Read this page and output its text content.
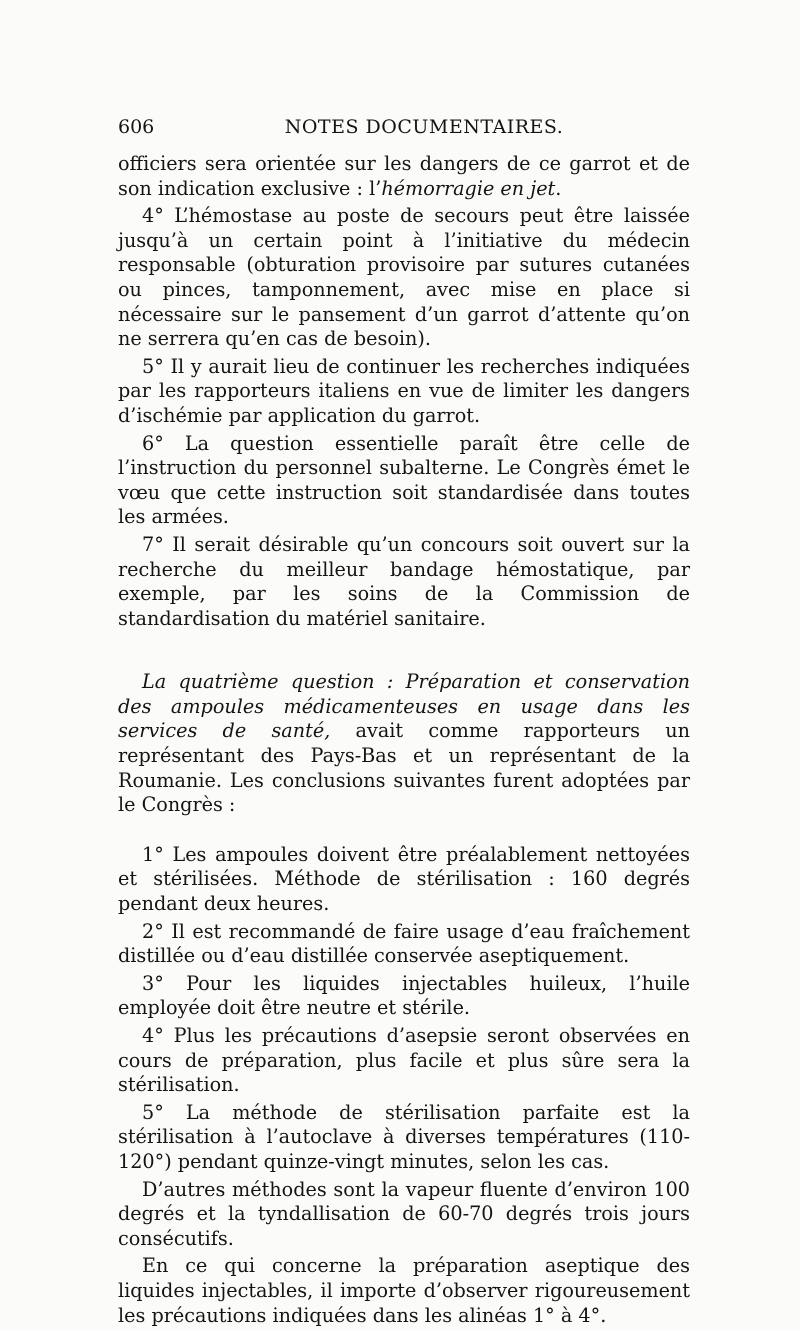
606	NOTES DOCUMENTAIRES.

officiers sera orientée sur les dangers de ce garrot et de son indication exclusive : l’hémorragie en jet.

4° L’hémostase au poste de secours peut être laissée jusqu’à un certain point à l’initiative du médecin responsable (obturation provisoire par sutures cutanées ou pinces, tamponnement, avec mise en place si nécessaire sur le pansement d’un garrot d’attente qu’on ne serrera qu’en cas de besoin).

5° Il y aurait lieu de continuer les recherches indiquées par les rapporteurs italiens en vue de limiter les dangers d’ischémie par application du garrot.

6° La question essentielle paraît être celle de l’instruction du personnel subalterne. Le Congrès émet le vœu que cette instruction soit standardisée dans toutes les armées.

7° Il serait désirable qu’un concours soit ouvert sur la recherche du meilleur bandage hémostatique, par exemple, par les soins de la Commission de standardisation du matériel sanitaire.

La quatrième question : Préparation et conservation des ampoules médicamenteuses en usage dans les services de santé, avait comme rapporteurs un représentant des Pays-Bas et un représentant de la Roumanie. Les conclusions suivantes furent adoptées par le Congrès :

1° Les ampoules doivent être préalablement nettoyées et stérilisées. Méthode de stérilisation : 160 degrés pendant deux heures.

2° Il est recommandé de faire usage d’eau fraîchement distillée ou d’eau distillée conservée aseptiquement.

3° Pour les liquides injectables huileux, l’huile employée doit être neutre et stérile.

4° Plus les précautions d’asepsie seront observées en cours de préparation, plus facile et plus sûre sera la stérilisation.

5° La méthode de stérilisation parfaite est la stérilisation à l’autoclave à diverses températures (110-120°) pendant quinze-vingt minutes, selon les cas.

D’autres méthodes sont la vapeur fluente d’environ 100 degrés et la tyndallisation de 60-70 degrés trois jours consécutifs.

En ce qui concerne la préparation aseptique des liquides injectables, il importe d’observer rigoureusement les précautions indiquées dans les alinéas 1° à 4°.
